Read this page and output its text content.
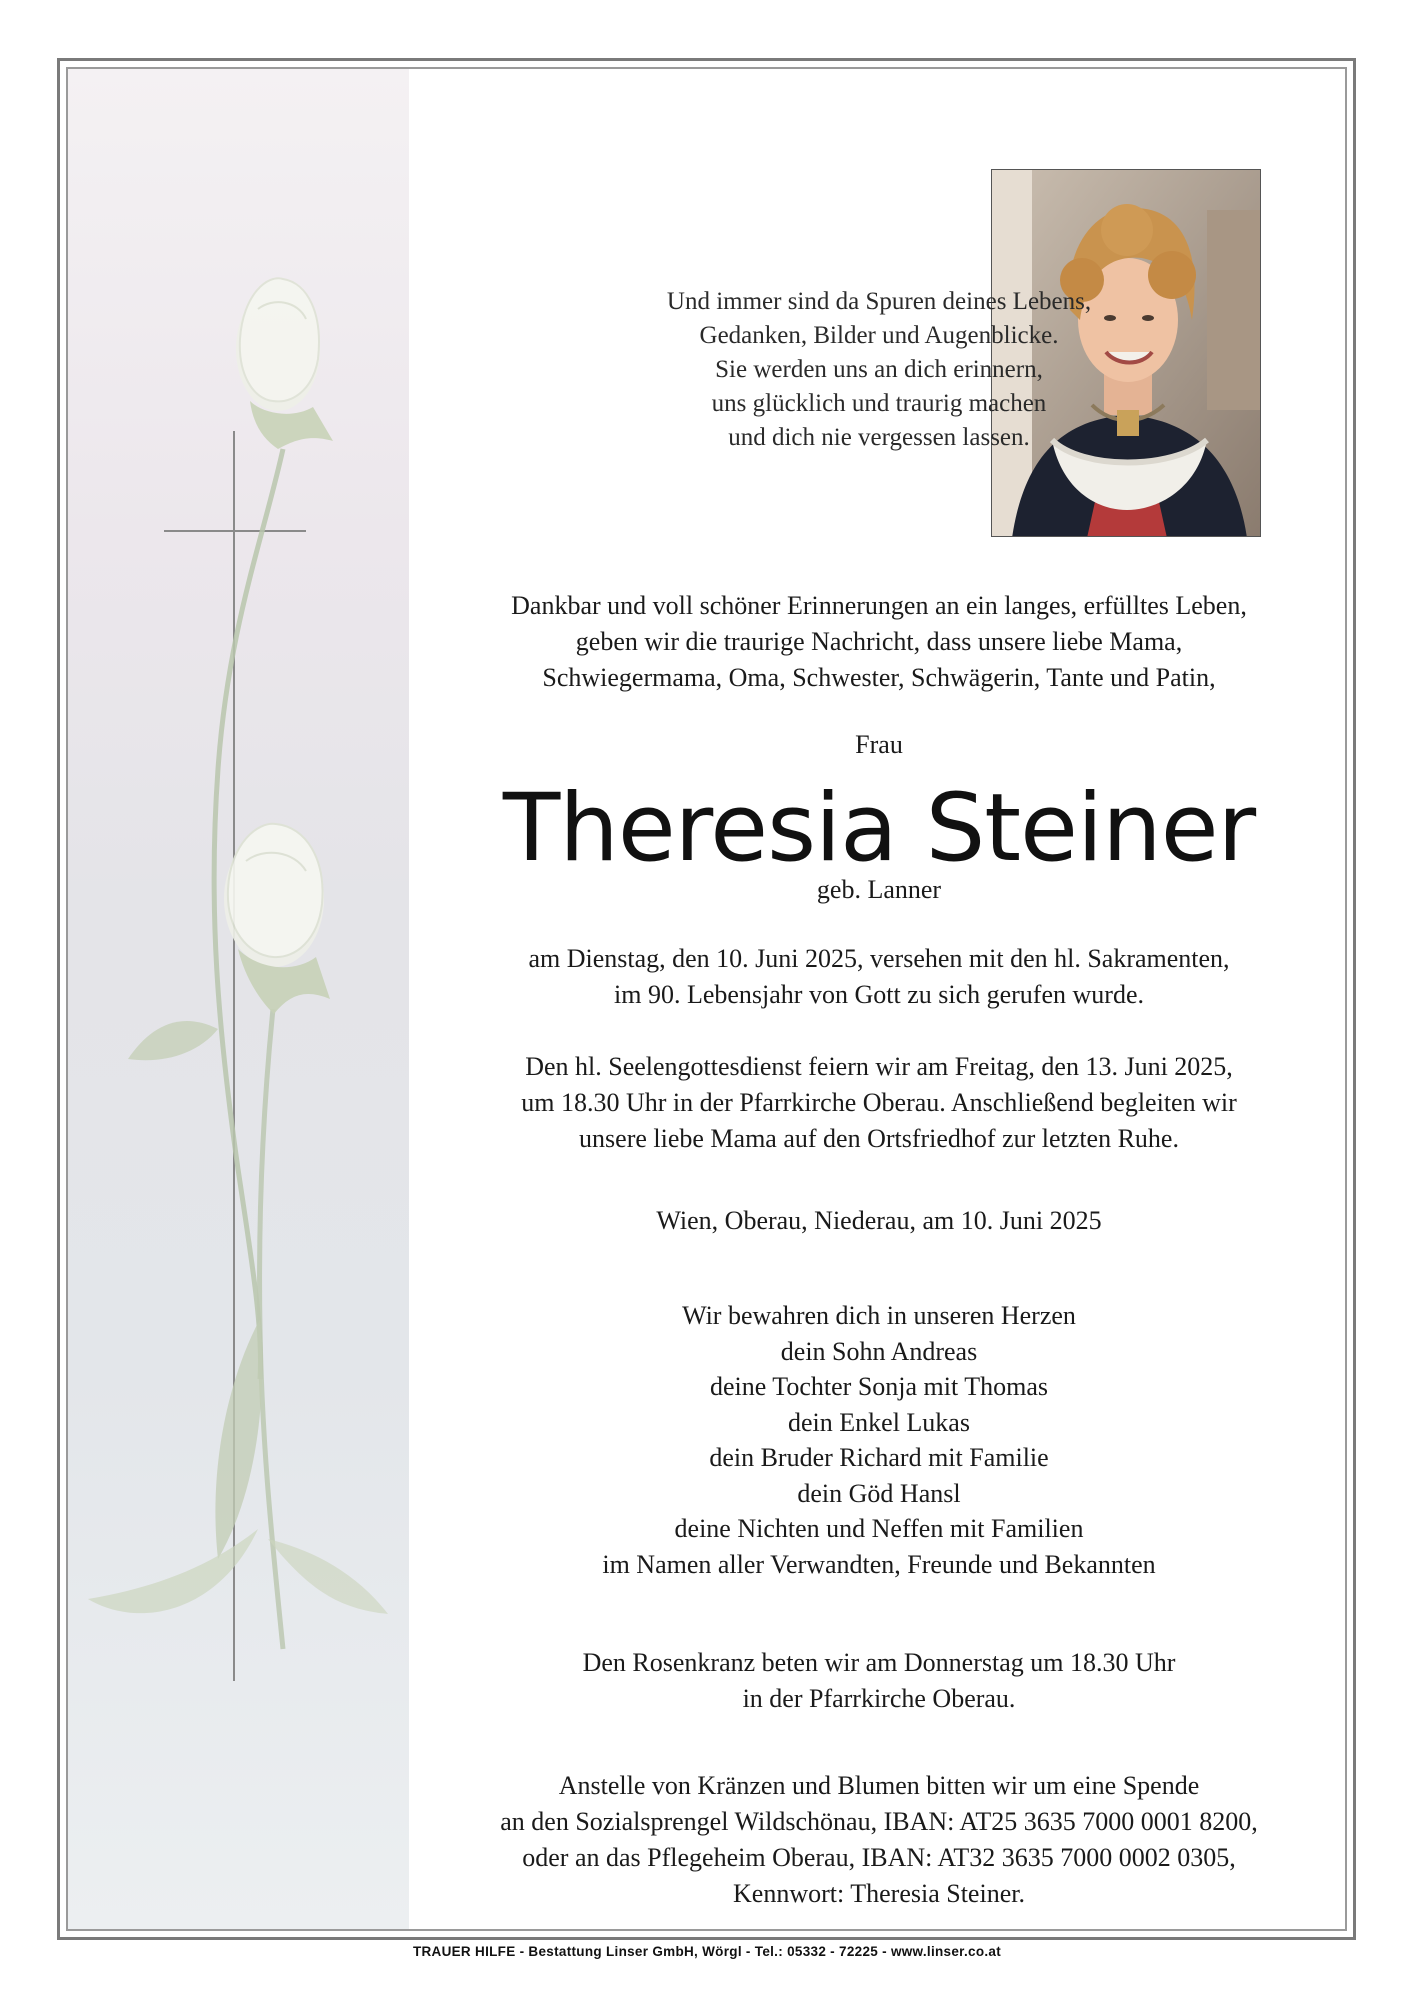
Und immer sind da Spuren deines Lebens,
Gedanken, Bilder und Augenblicke.
Sie werden uns an dich erinnern,
uns glücklich und traurig machen
und dich nie vergessen lassen.
Dankbar und voll schöner Erinnerungen an ein langes, erfülltes Leben,
geben wir die traurige Nachricht, dass unsere liebe Mama,
Schwiegermama, Oma, Schwester, Schwägerin, Tante und Patin,
Frau
Theresia Steiner
geb. Lanner
am Dienstag, den 10. Juni 2025, versehen mit den hl. Sakramenten,
im 90. Lebensjahr von Gott zu sich gerufen wurde.
Den hl. Seelengottesdienst feiern wir am Freitag, den 13. Juni 2025,
um 18.30 Uhr in der Pfarrkirche Oberau. Anschließend begleiten wir
unsere liebe Mama auf den Ortsfriedhof zur letzten Ruhe.
Wien, Oberau, Niederau, am 10. Juni 2025
Wir bewahren dich in unseren Herzen
dein Sohn Andreas
deine Tochter Sonja mit Thomas
dein Enkel Lukas
dein Bruder Richard mit Familie
dein Göd Hansl
deine Nichten und Neffen mit Familien
im Namen aller Verwandten, Freunde und Bekannten
Den Rosenkranz beten wir am Donnerstag um 18.30 Uhr
in der Pfarrkirche Oberau.
Anstelle von Kränzen und Blumen bitten wir um eine Spende
an den Sozialsprengel Wildschönau, IBAN: AT25 3635 7000 0001 8200,
oder an das Pflegeheim Oberau, IBAN: AT32 3635 7000 0002 0305,
Kennwort: Theresia Steiner.
TRAUER HILFE - Bestattung Linser GmbH, Wörgl - Tel.: 05332 - 72225 - www.linser.co.at
